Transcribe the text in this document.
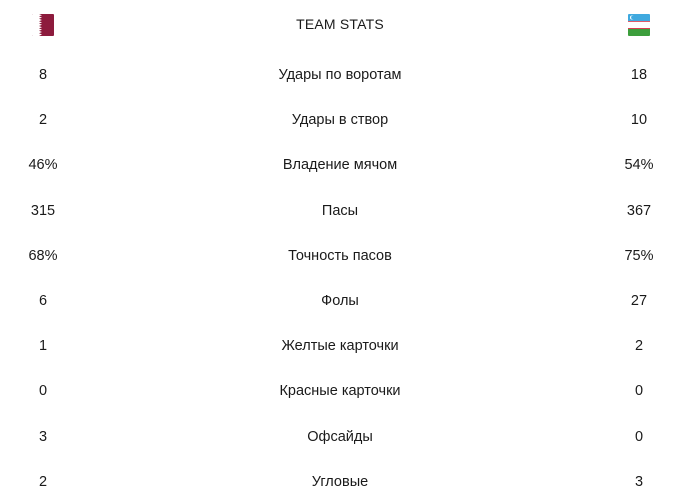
TEAM STATS
8	Удары по воротам	18
2	Удары в створ	10
46%	Владение мячом	54%
315	Пасы	367
68%	Точность пасов	75%
6	Фолы	27
1	Желтые карточки	2
0	Красные карточки	0
3	Офсайды	0
2	Угловые	3
